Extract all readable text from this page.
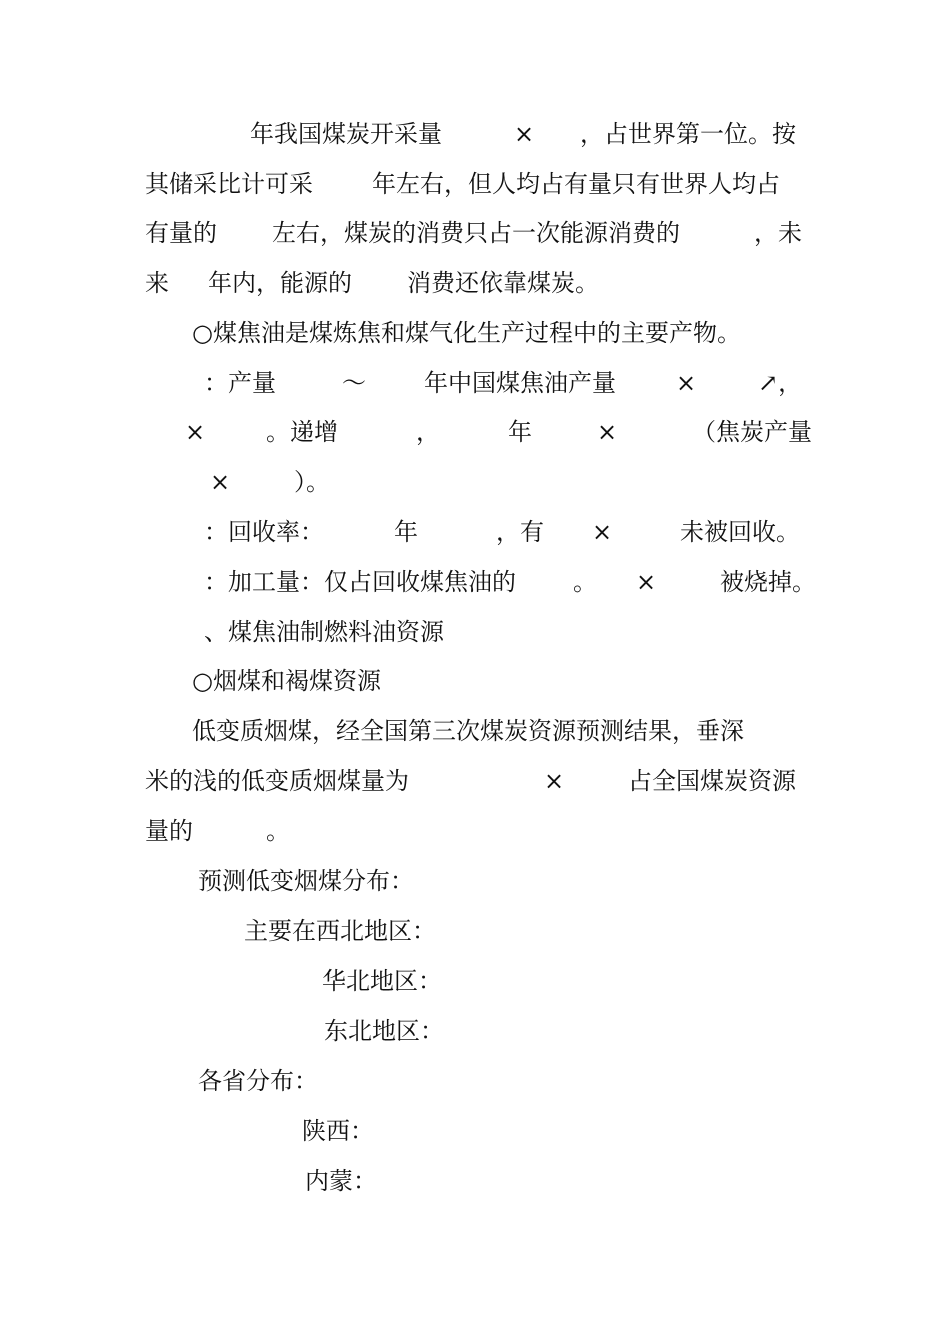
年我国煤炭开采量	× ，占世界第一位。按

其储采比计可采 年左右，但人均占有量只有世界人均占

有量的 左右，煤炭的消费只占一次能源消费的	，未

来 年内，能源的 消费还依靠煤炭。

○煤焦油是煤炼焦和煤气化生产过程中的主要产物。

：产量	～ 年中国煤焦油产量	×	↗，

×	。递增	，	年	×	（焦炭产量

×	）。

：回收率：	年	，有 ×	未被回收。

：加工量：仅占回收煤焦油的 。 ×	被烧掉。

、煤焦油制燃料油资源

○烟煤和褐煤资源

低变质烟煤，经全国第三次煤炭资源预测结果，垂深

米的浅的低变质烟煤量为	×	占全国煤炭资源

量的	。

预测低变烟煤分布：

主要在西北地区：

华北地区：

东北地区：

各省分布：

陕西：

内蒙：
